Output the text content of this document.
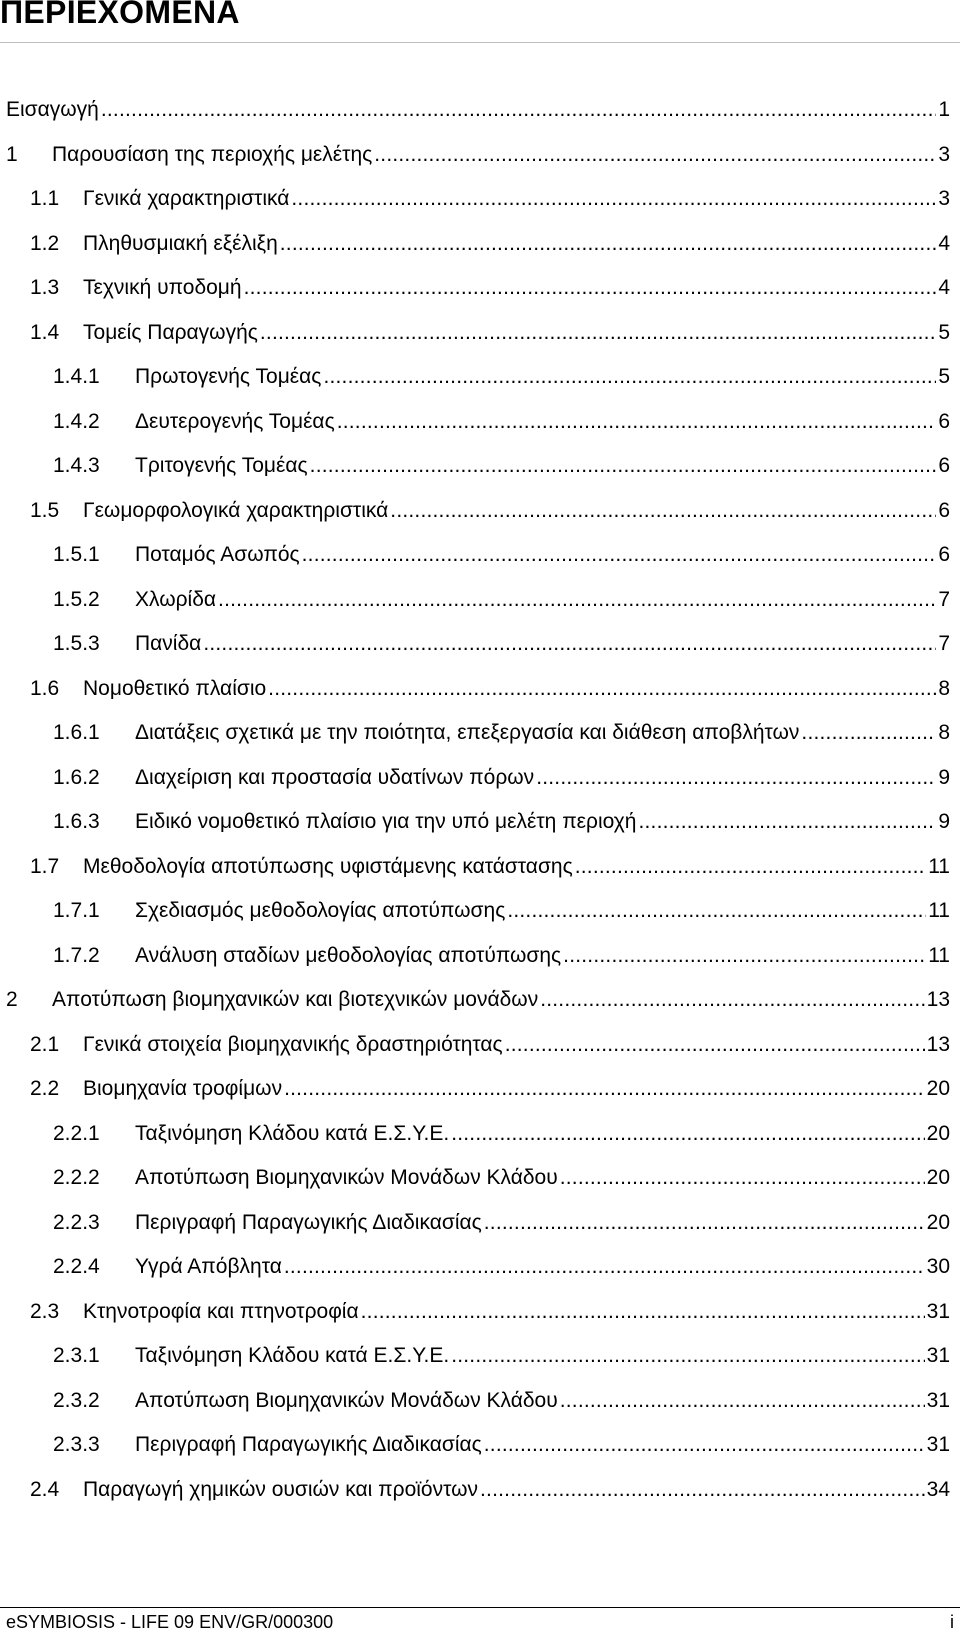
ΠΕΡΙΕΧΟΜΕΝΑ
Εισαγωγή .....	1
1	Παρουσίαση της περιοχής μελέτης .....	3
1.1	Γενικά χαρακτηριστικά .....	3
1.2	Πληθυσμιακή εξέλιξη .....	4
1.3	Τεχνική υποδομή .....	4
1.4	Τομείς Παραγωγής .....	5
1.4.1	Πρωτογενής Τομέας .....	5
1.4.2	Δευτερογενής Τομέας .....	6
1.4.3	Τριτογενής Τομέας .....	6
1.5	Γεωμορφολογικά χαρακτηριστικά .....	6
1.5.1	Ποταμός Ασωπός .....	6
1.5.2	Χλωρίδα .....	7
1.5.3	Πανίδα .....	7
1.6	Νομοθετικό πλαίσιο .....	8
1.6.1	Διατάξεις σχετικά με την ποιότητα, επεξεργασία και διάθεση αποβλήτων .....	8
1.6.2	Διαχείριση και προστασία υδατίνων πόρων .....	9
1.6.3	Ειδικό νομοθετικό πλαίσιο για την υπό μελέτη περιοχή .....	9
1.7	Μεθοδολογία αποτύπωσης υφιστάμενης κατάστασης .....	11
1.7.1	Σχεδιασμός μεθοδολογίας αποτύπωσης .....	11
1.7.2	Ανάλυση σταδίων μεθοδολογίας αποτύπωσης .....	11
2	Αποτύπωση βιομηχανικών και βιοτεχνικών μονάδων .....	13
2.1	Γενικά στοιχεία βιομηχανικής δραστηριότητας .....	13
2.2	Βιομηχανία τροφίμων .....	20
2.2.1	Ταξινόμηση Κλάδου κατά Ε.Σ.Υ.Ε. .....	20
2.2.2	Αποτύπωση Βιομηχανικών Μονάδων Κλάδου .....	20
2.2.3	Περιγραφή Παραγωγικής Διαδικασίας .....	20
2.2.4	Υγρά Απόβλητα .....	30
2.3	Κτηνοτροφία και πτηνοτροφία .....	31
2.3.1	Ταξινόμηση Κλάδου κατά Ε.Σ.Υ.Ε. .....	31
2.3.2	Αποτύπωση Βιομηχανικών Μονάδων Κλάδου .....	31
2.3.3	Περιγραφή Παραγωγικής Διαδικασίας .....	31
2.4	Παραγωγή χημικών ουσιών και προϊόντων .....	34
eSYMBIOSIS - LIFE 09 ENV/GR/000300	i
